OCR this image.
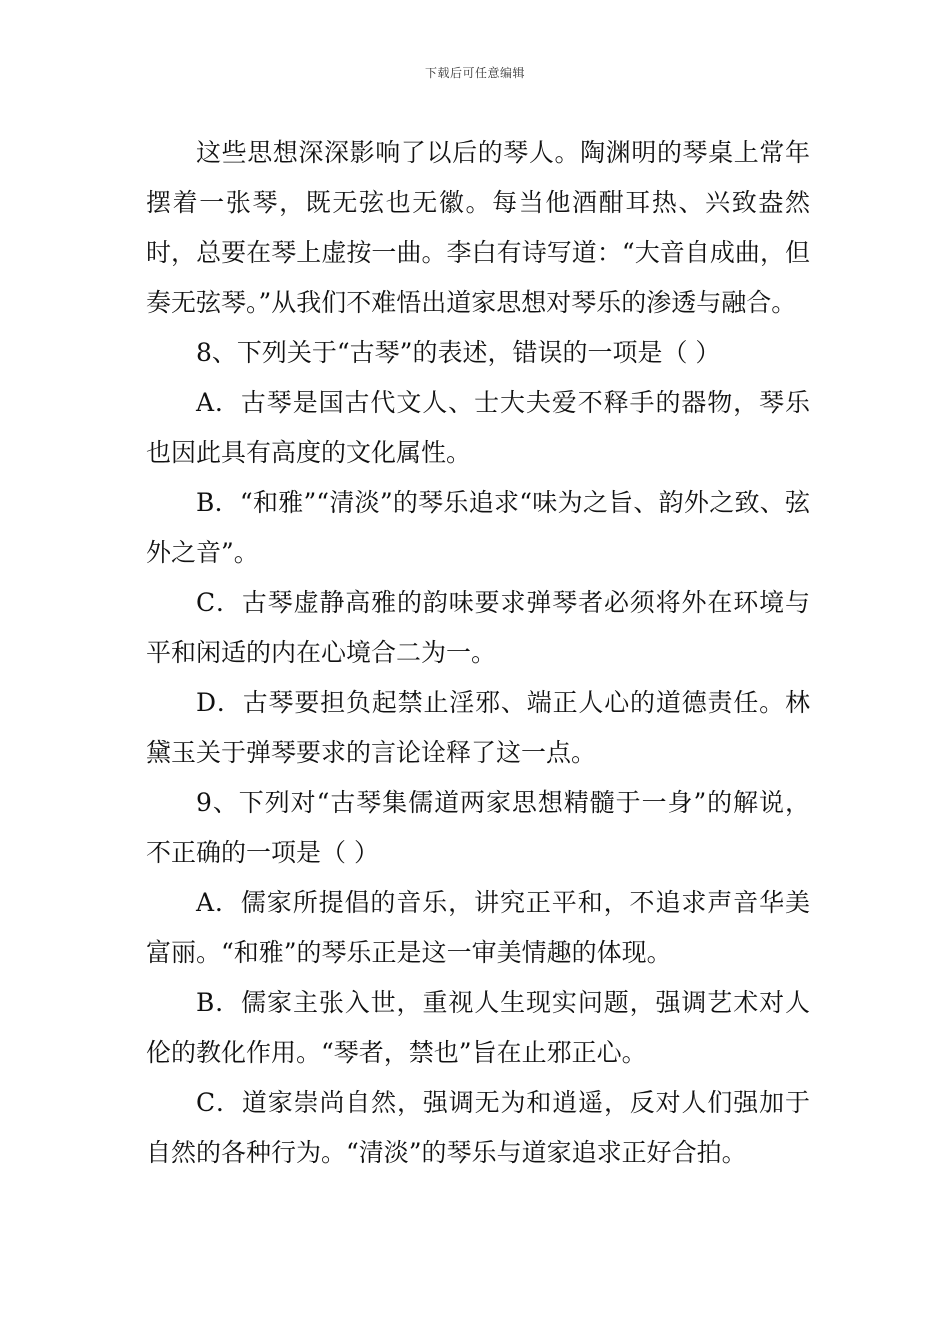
下载后可任意编辑

这些思想深深影响了以后的琴人。陶渊明的琴桌上常年摆着一张琴，既无弦也无徽。每当他酒酣耳热、兴致盎然时，总要在琴上虚按一曲。李白有诗写道：“大音自成曲，但奏无弦琴。”从我们不难悟出道家思想对琴乐的渗透与融合。

8、下列关于“古琴”的表述，错误的一项是（ ）

A．古琴是国古代文人、士大夫爱不释手的器物，琴乐也因此具有高度的文化属性。

B．“和雅”“清淡”的琴乐追求“味为之旨、韵外之致、弦外之音”。

C．古琴虚静高雅的韵味要求弹琴者必须将外在环境与平和闲适的内在心境合二为一。

D．古琴要担负起禁止淫邪、端正人心的道德责任。林黛玉关于弹琴要求的言论诠释了这一点。

9、下列对“古琴集儒道两家思想精髓于一身”的解说，不正确的一项是（ ）

A．儒家所提倡的音乐，讲究正平和，不追求声音华美富丽。“和雅”的琴乐正是这一审美情趣的体现。

B．儒家主张入世，重视人生现实问题，强调艺术对人伦的教化作用。“琴者，禁也”旨在止邪正心。

C．道家崇尚自然，强调无为和逍遥，反对人们强加于自然的各种行为。“清淡”的琴乐与道家追求正好合拍。
